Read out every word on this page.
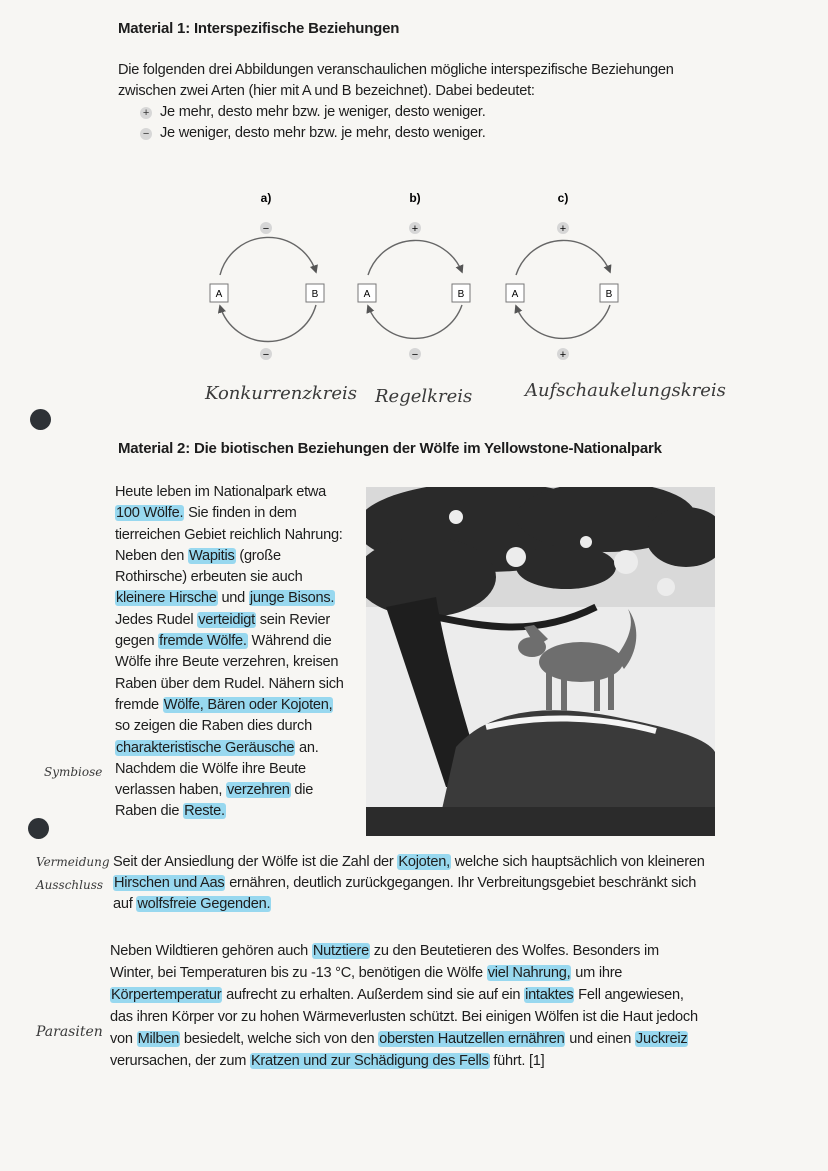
Material 1: Interspezifische Beziehungen
Die folgenden drei Abbildungen veranschaulichen mögliche interspezifische Beziehungen
zwischen zwei Arten (hier mit A und B bezeichnet). Dabei bedeutet:
+ Je mehr, desto mehr bzw. je weniger, desto weniger.
− Je weniger, desto mehr bzw. je mehr, desto weniger.
a)
−
−
A	B
b)
+
−
A	B
c)
+
+
A	B
Konkurrenzkreis Regelkreis	Aufschaukelungskreis
Material 2: Die biotischen Beziehungen der Wölfe im Yellowstone-Nationalpark
Heute leben im Nationalpark etwa
100 Wölfe. Sie finden in dem
tierreichen Gebiet reichlich Nahrung:
Neben den Wapitis (große
Rothirsche) erbeuten sie auch
kleinere Hirsche und junge Bisons.
Jedes Rudel verteidigt sein Revier
gegen fremde Wölfe. Während die
Wölfe ihre Beute verzehren, kreisen
Raben über dem Rudel. Nähern sich
fremde Wölfe, Bären oder Kojoten,
so zeigen die Raben dies durch
charakteristische Geräusche an.
Nachdem die Wölfe ihre Beute
verlassen haben, verzehren die
Raben die Reste.
Symbiose
Vermeidung
Ausschluss
Parasiten
Seit der Ansiedlung der Wölfe ist die Zahl der Kojoten, welche sich hauptsächlich von kleineren
Hirschen und Aas ernähren, deutlich zurückgegangen. Ihr Verbreitungsgebiet beschränkt sich
auf wolfsfreie Gegenden.
Neben Wildtieren gehören auch Nutztiere zu den Beutetieren des Wolfes. Besonders im
Winter, bei Temperaturen bis zu -13 °C, benötigen die Wölfe viel Nahrung, um ihre
Körpertemperatur aufrecht zu erhalten. Außerdem sind sie auf ein intaktes Fell angewiesen,
das ihren Körper vor zu hohen Wärmeverlusten schützt. Bei einigen Wölfen ist die Haut jedoch
von Milben besiedelt, welche sich von den obersten Hautzellen ernähren und einen Juckreiz
verursachen, der zum Kratzen und zur Schädigung des Fells führt. [1]
